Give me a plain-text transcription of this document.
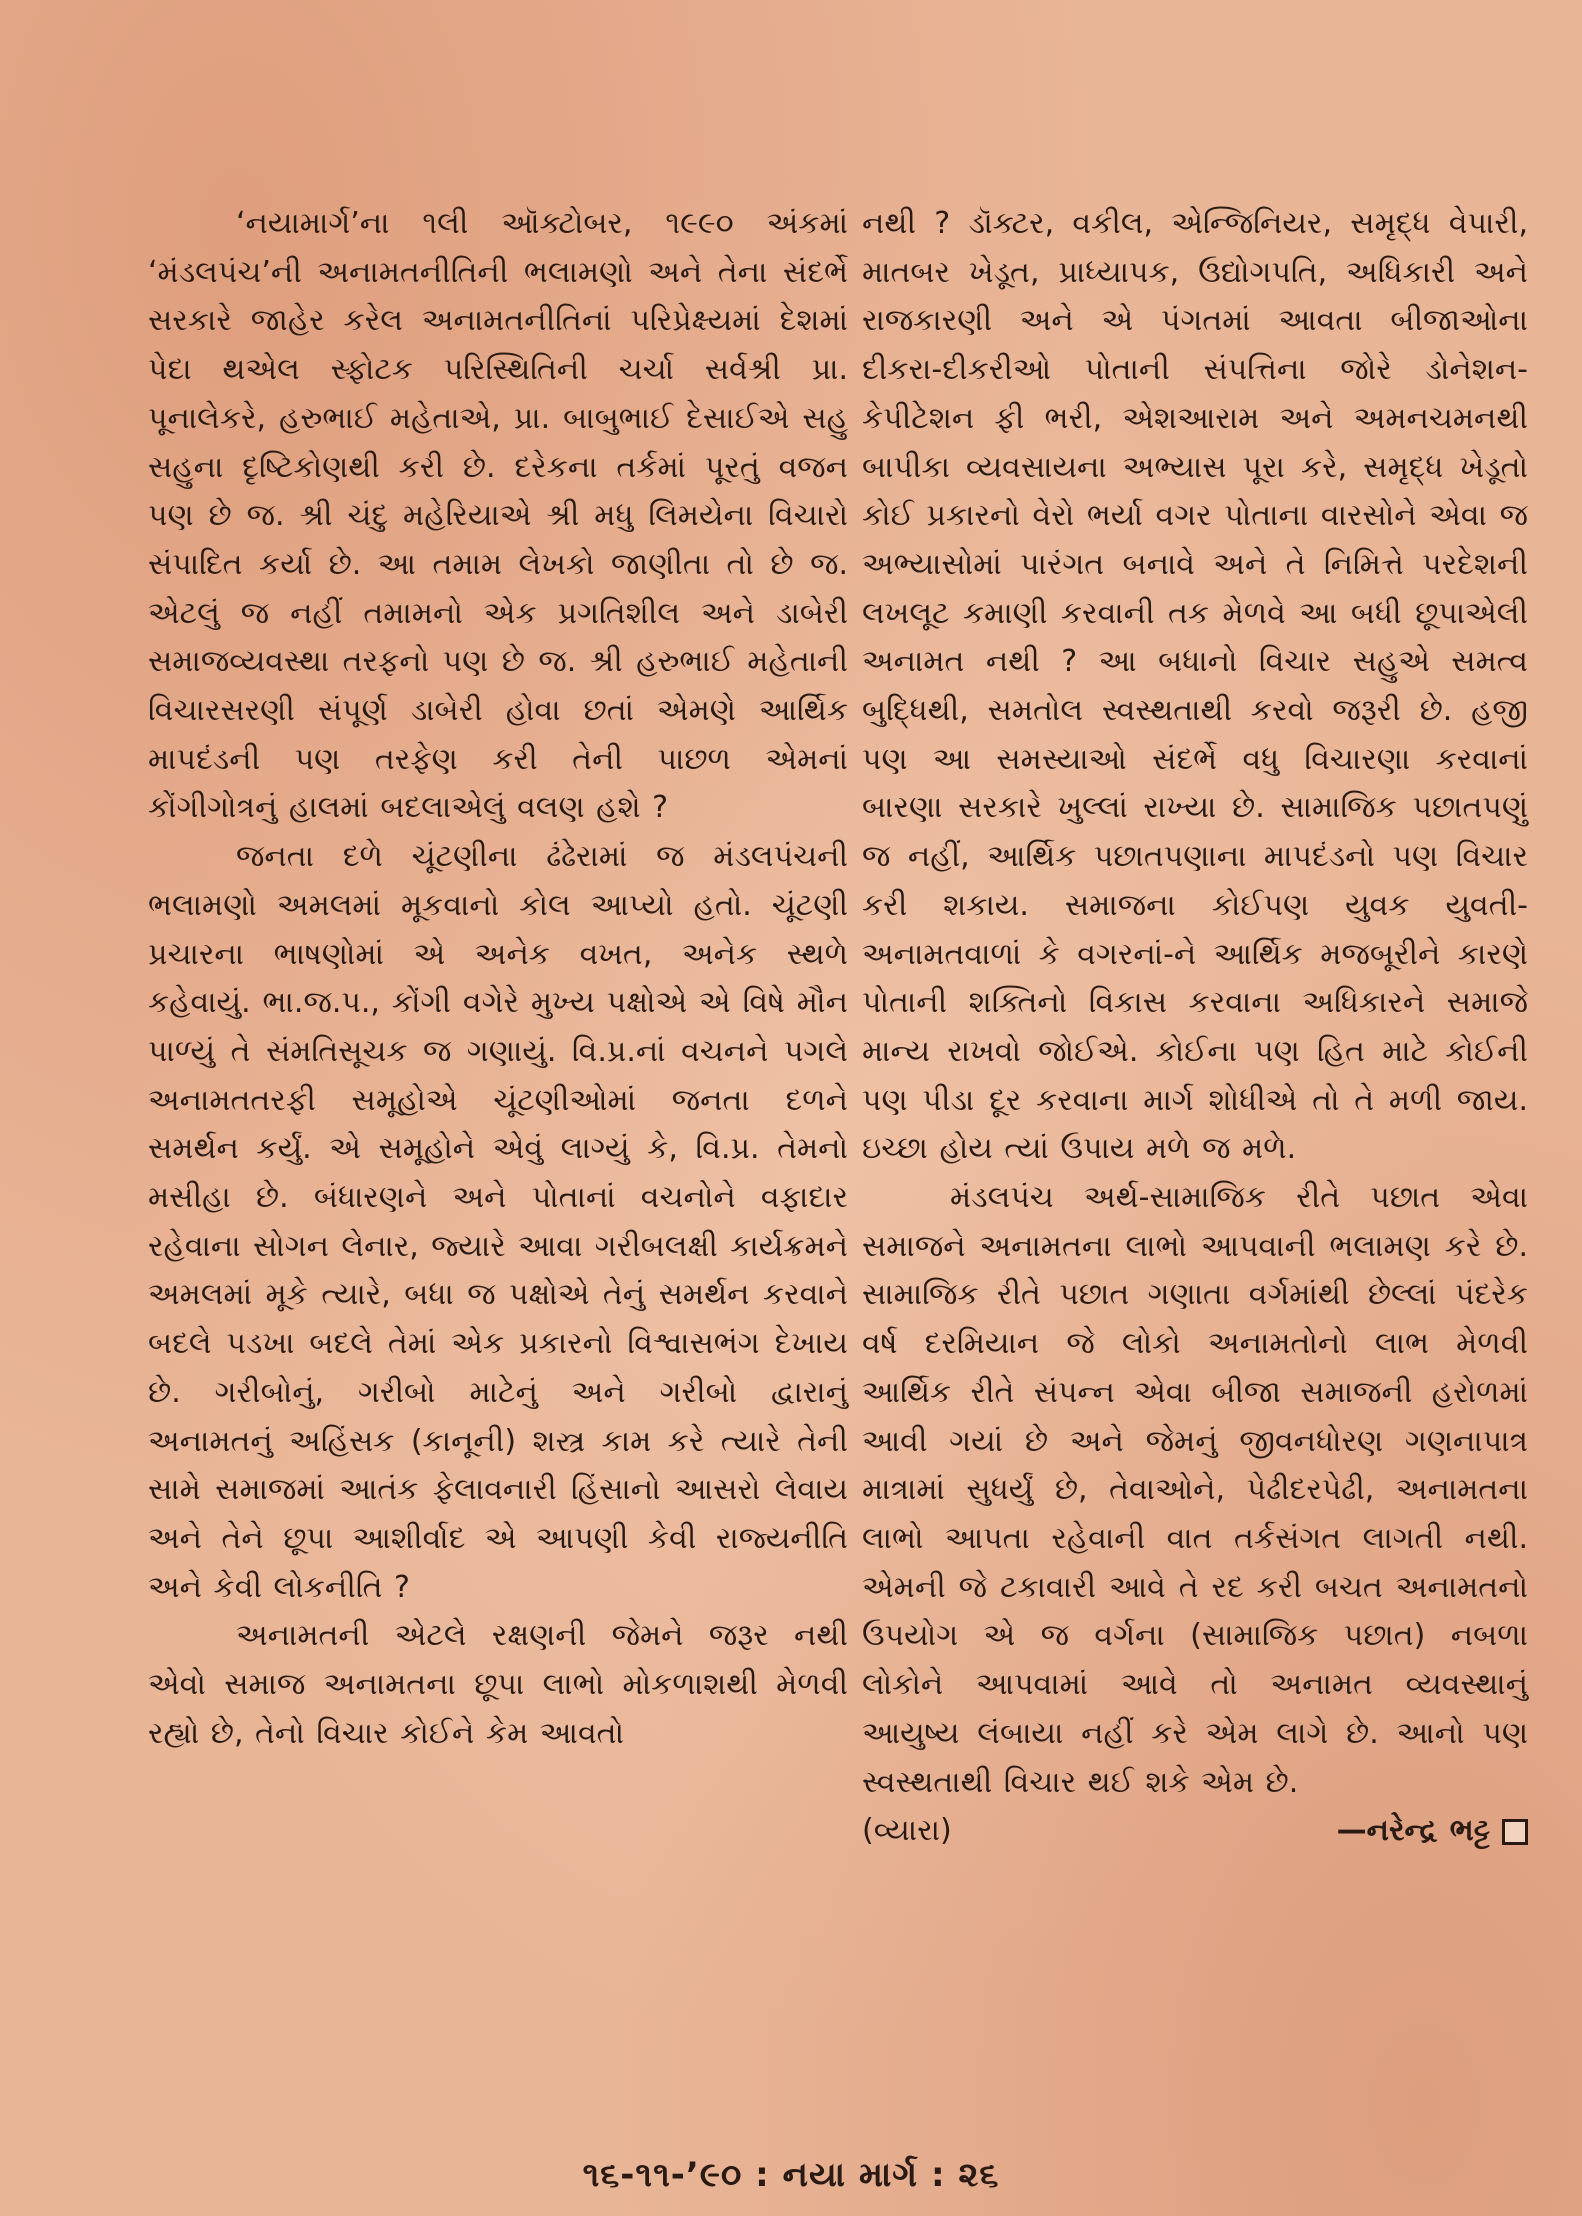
‘નયામાર્ગ’ના ૧લી ઑક્ટોબર, ૧૯૯૦ અંકમાં ‘મંડલપંચ’ની અનામતનીતિની ભલામણો અને તેના સંદર્ભે સરકારે જાહેર કરેલ અનામતનીતિનાં પરિપ્રેક્ષ્યમાં દેશમાં પેદા થએલ સ્ફોટક પરિસ્થિતિની ચર્ચા સર્વશ્રી પ્રા. પૂનાલેકરે, હરુભાઈ મહેતાએ, પ્રા. બાબુભાઈ દેસાઈએ સહુ સહુના દૃષ્ટિકોણથી કરી છે. દરેકના તર્કમાં પૂરતું વજન પણ છે જ. શ્રી ચંદુ મહેરિયાએ શ્રી મધુ લિમયેના વિચારો સંપાદિત કર્યા છે. આ તમામ લેખકો જાણીતા તો છે જ. એટલું જ નહીં તમામનો એક પ્રગતિશીલ અને ડાબેરી સમાજવ્યવસ્થા તરફનો પણ છે જ. શ્રી હરુભાઈ મહેતાની વિચારસરણી સંપૂર્ણ ડાબેરી હોવા છતાં એમણે આર્થિક માપદંડની પણ તરફેણ કરી તેની પાછળ એમનાં કોંગીગોત્રનું હાલમાં બદલાએલું વલણ હશે ?

જનતા દળે ચૂંટણીના ઢંઢેરામાં જ મંડલપંચની ભલામણો અમલમાં મૂકવાનો કોલ આપ્યો હતો. ચૂંટણી પ્રચારના ભાષણોમાં એ અનેક વખત, અનેક સ્થળે કહેવાયું. ભા.જ.પ., કોંગી વગેરે મુખ્ય પક્ષોએ એ વિષે મૌન પાળ્યું તે સંમતિસૂચક જ ગણાયું. વિ.પ્ર.નાં વચનને પગલે અનામતતરફી સમૂહોએ ચૂંટણીઓમાં જનતા દળને સમર્થન કર્યું. એ સમૂહોને એવું લાગ્યું કે, વિ.પ્ર. તેમનો મસીહા છે. બંધારણને અને પોતાનાં વચનોને વફાદાર રહેવાના સોગન લેનાર, જ્યારે આવા ગરીબલક્ષી કાર્યક્રમને અમલમાં મૂકે ત્યારે, બધા જ પક્ષોએ તેનું સમર્થન કરવાને બદલે પડખા બદલે તેમાં એક પ્રકારનો વિશ્વાસભંગ દેખાય છે. ગરીબોનું, ગરીબો માટેનું અને ગરીબો દ્વારાનું અનામતનું અહિંસક (કાનૂની) શસ્ત્ર કામ કરે ત્યારે તેની સામે સમાજમાં આતંક ફેલાવનારી હિંસાનો આસરો લેવાય અને તેને છૂપા આશીર્વાદ એ આપણી કેવી રાજ્યનીતિ અને કેવી લોકનીતિ ?

અનામતની એટલે રક્ષણની જેમને જરૂર નથી એવો સમાજ અનામતના છૂપા લાભો મોકળાશથી મેળવી રહ્યો છે, તેનો વિચાર કોઈને કેમ આવતો

નથી ? ડૉક્ટર, વકીલ, એન્જિનિયર, સમૃદ્ધ વેપારી, માતબર ખેડૂત, પ્રાધ્યાપક, ઉદ્યોગપતિ, અધિકારી અને રાજકારણી અને એ પંગતમાં આવતા બીજાઓના દીકરા-દીકરીઓ પોતાની સંપત્તિના જોરે ડોનેશન-કેપીટેશન ફી ભરી, એશઆરામ અને અમનચમનથી બાપીકા વ્યવસાયના અભ્યાસ પૂરા કરે, સમૃદ્ધ ખેડૂતો કોઈ પ્રકારનો વેરો ભર્યા વગર પોતાના વારસોને એવા જ અભ્યાસોમાં પારંગત બનાવે અને તે નિમિત્તે પરદેશની લખલૂટ કમાણી કરવાની તક મેળવે આ બધી છૂપાએલી અનામત નથી ? આ બધાનો વિચાર સહુએ સમત્વ બુદ્ધિથી, સમતોલ સ્વસ્થતાથી કરવો જરૂરી છે. હજી પણ આ સમસ્યાઓ સંદર્ભે વધુ વિચારણા કરવાનાં બારણા સરકારે ખુલ્લાં રાખ્યા છે. સામાજિક પછાતપણું જ નહીં, આર્થિક પછાતપણાના માપદંડનો પણ વિચાર કરી શકાય. સમાજના કોઈપણ યુવક યુવતી-અનામતવાળાં કે વગરનાં-ને આર્થિક મજબૂરીને કારણે પોતાની શક્તિનો વિકાસ કરવાના અધિકારને સમાજે માન્ય રાખવો જોઈએ. કોઈના પણ હિત માટે કોઈની પણ પીડા દૂર કરવાના માર્ગ શોધીએ તો તે મળી જાય. ઇચ્છા હોય ત્યાં ઉપાય મળે જ મળે.

મંડલપંચ અર્થ-સામાજિક રીતે પછાત એવા સમાજને અનામતના લાભો આપવાની ભલામણ કરે છે. સામાજિક રીતે પછાત ગણાતા વર્ગમાંથી છેલ્લાં પંદરેક વર્ષ દરમિયાન જે લોકો અનામતોનો લાભ મેળવી આર્થિક રીતે સંપન્ન એવા બીજા સમાજની હરોળમાં આવી ગયાં છે અને જેમનું જીવનધોરણ ગણનાપાત્ર માત્રામાં સુધર્યું છે, તેવાઓને, પેઢીદરપેઢી, અનામતના લાભો આપતા રહેવાની વાત તર્કસંગત લાગતી નથી. એમની જે ટકાવારી આવે તે રદ કરી બચત અનામતનો ઉપયોગ એ જ વર્ગના (સામાજિક પછાત) નબળા લોકોને આપવામાં આવે તો અનામત વ્યવસ્થાનું આયુષ્ય લંબાયા નહીં કરે એમ લાગે છે. આનો પણ સ્વસ્થતાથી વિચાર થઈ શકે એમ છે.

(વ્યારા)	—નરેન્દ્ર ભટ્ટ
૧૬-૧૧-’૯૦ : નયા માર્ગ : ૨૬
